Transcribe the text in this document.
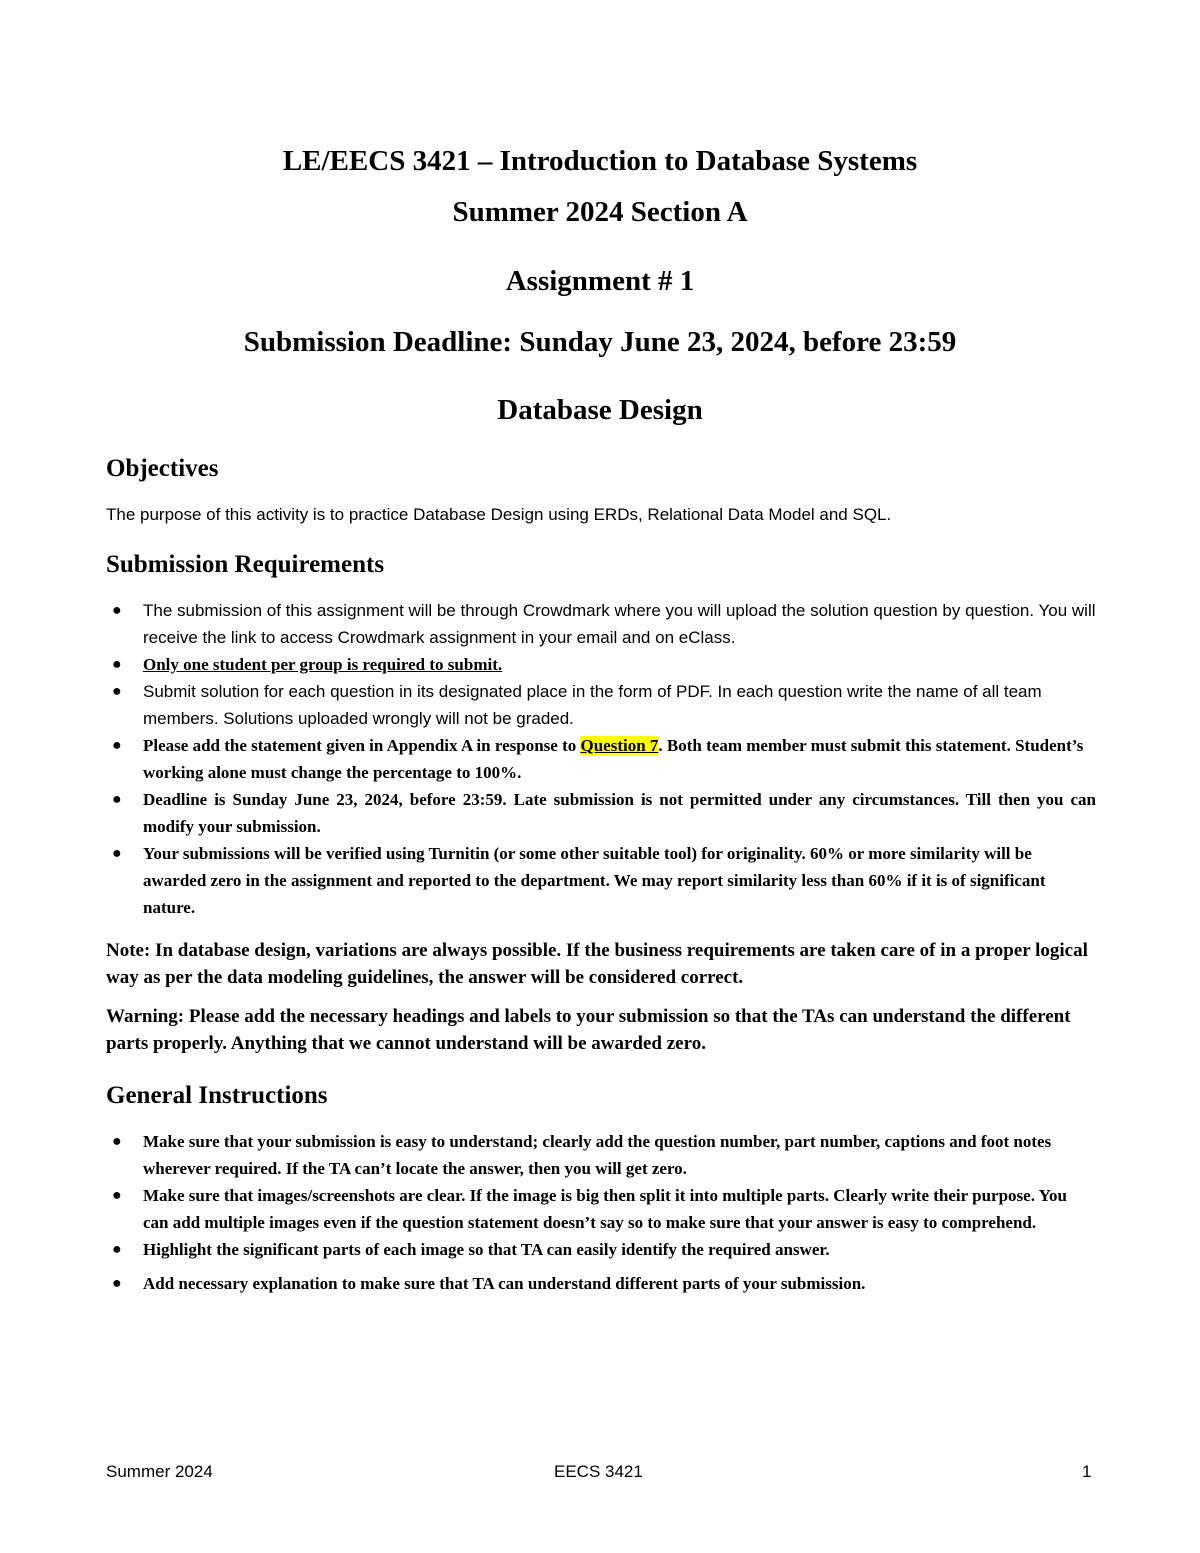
LE/EECS 3421 – Introduction to Database Systems
Summer 2024 Section A
Assignment # 1
Submission Deadline: Sunday June 23, 2024, before 23:59
Database Design
Objectives

The purpose of this activity is to practice Database Design using ERDs, Relational Data Model and SQL.

Submission Requirements
● The submission of this assignment will be through Crowdmark where you will upload the solution question by question. You will receive the link to access Crowdmark assignment in your email and on eClass.
● Only one student per group is required to submit.
● Submit solution for each question in its designated place in the form of PDF. In each question write the name of all team members. Solutions uploaded wrongly will not be graded.
● Please add the statement given in Appendix A in response to Question 7. Both team member must submit this statement. Student’s working alone must change the percentage to 100%.
● Deadline is Sunday June 23, 2024, before 23:59. Late submission is not permitted under any circumstances. Till then you can modify your submission.
● Your submissions will be verified using Turnitin (or some other suitable tool) for originality. 60% or more similarity will be awarded zero in the assignment and reported to the department. We may report similarity less than 60% if it is of significant nature.

Note: In database design, variations are always possible. If the business requirements are taken care of in a proper logical way as per the data modeling guidelines, the answer will be considered correct.

Warning: Please add the necessary headings and labels to your submission so that the TAs can understand the different parts properly. Anything that we cannot understand will be awarded zero.

General Instructions
● Make sure that your submission is easy to understand; clearly add the question number, part number, captions and foot notes wherever required. If the TA can’t locate the answer, then you will get zero.
● Make sure that images/screenshots are clear. If the image is big then split it into multiple parts. Clearly write their purpose. You can add multiple images even if the question statement doesn’t say so to make sure that your answer is easy to comprehend.
● Highlight the significant parts of each image so that TA can easily identify the required answer.
● Add necessary explanation to make sure that TA can understand different parts of your submission.
Summer 2024	EECS 3421	1
